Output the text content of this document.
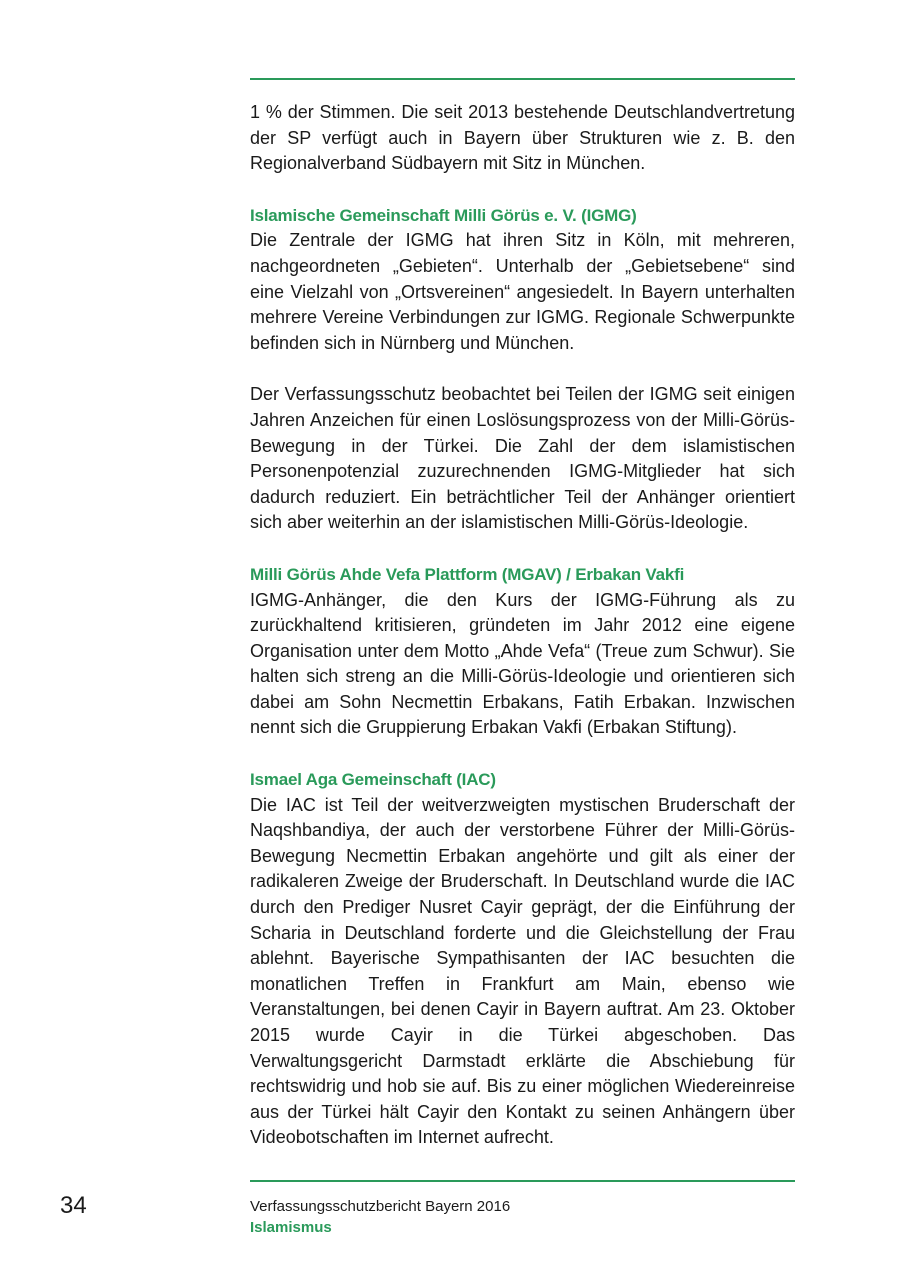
1 % der Stimmen. Die seit 2013 bestehende Deutschlandvertretung der SP verfügt auch in Bayern über Strukturen wie z. B. den Regionalverband Südbayern mit Sitz in München.

Islamische Gemeinschaft Milli Görüs e. V. (IGMG)

Die Zentrale der IGMG hat ihren Sitz in Köln, mit mehreren, nachgeordneten „Gebieten“. Unterhalb der „Gebietsebene“ sind eine Vielzahl von „Ortsvereinen“ angesiedelt. In Bayern unterhalten mehrere Vereine Verbindungen zur IGMG. Regionale Schwerpunkte befinden sich in Nürnberg und München.

Der Verfassungsschutz beobachtet bei Teilen der IGMG seit einigen Jahren Anzeichen für einen Loslösungsprozess von der Milli-Görüs-Bewegung in der Türkei. Die Zahl der dem islamistischen Personenpotenzial zuzurechnenden IGMG-Mitglieder hat sich dadurch reduziert. Ein beträchtlicher Teil der Anhänger orientiert sich aber weiterhin an der islamistischen Milli-Görüs-Ideologie.

Milli Görüs Ahde Vefa Plattform (MGAV) / Erbakan Vakfi

IGMG-Anhänger, die den Kurs der IGMG-Führung als zu zurückhaltend kritisieren, gründeten im Jahr 2012 eine eigene Organisation unter dem Motto „Ahde Vefa“ (Treue zum Schwur). Sie halten sich streng an die Milli-Görüs-Ideologie und orientieren sich dabei am Sohn Necmettin Erbakans, Fatih Erbakan. Inzwischen nennt sich die Gruppierung Erbakan Vakfi (Erbakan Stiftung).

Ismael Aga Gemeinschaft (IAC)

Die IAC ist Teil der weitverzweigten mystischen Bruderschaft der Naqshbandiya, der auch der verstorbene Führer der Milli-Görüs-Bewegung Necmettin Erbakan angehörte und gilt als einer der radikaleren Zweige der Bruderschaft. In Deutschland wurde die IAC durch den Prediger Nusret Cayir geprägt, der die Einführung der Scharia in Deutschland forderte und die Gleichstellung der Frau ablehnt. Bayerische Sympathisanten der IAC besuchten die monatlichen Treffen in Frankfurt am Main, ebenso wie Veranstaltungen, bei denen Cayir in Bayern auftrat. Am 23. Oktober 2015 wurde Cayir in die Türkei abgeschoben. Das Verwaltungsgericht Darmstadt erklärte die Abschiebung für rechtswidrig und hob sie auf. Bis zu einer möglichen Wiedereinreise aus der Türkei hält Cayir den Kontakt zu seinen Anhängern über Videobotschaften im Internet aufrecht.

34	Verfassungsschutzbericht Bayern 2016
Islamismus
